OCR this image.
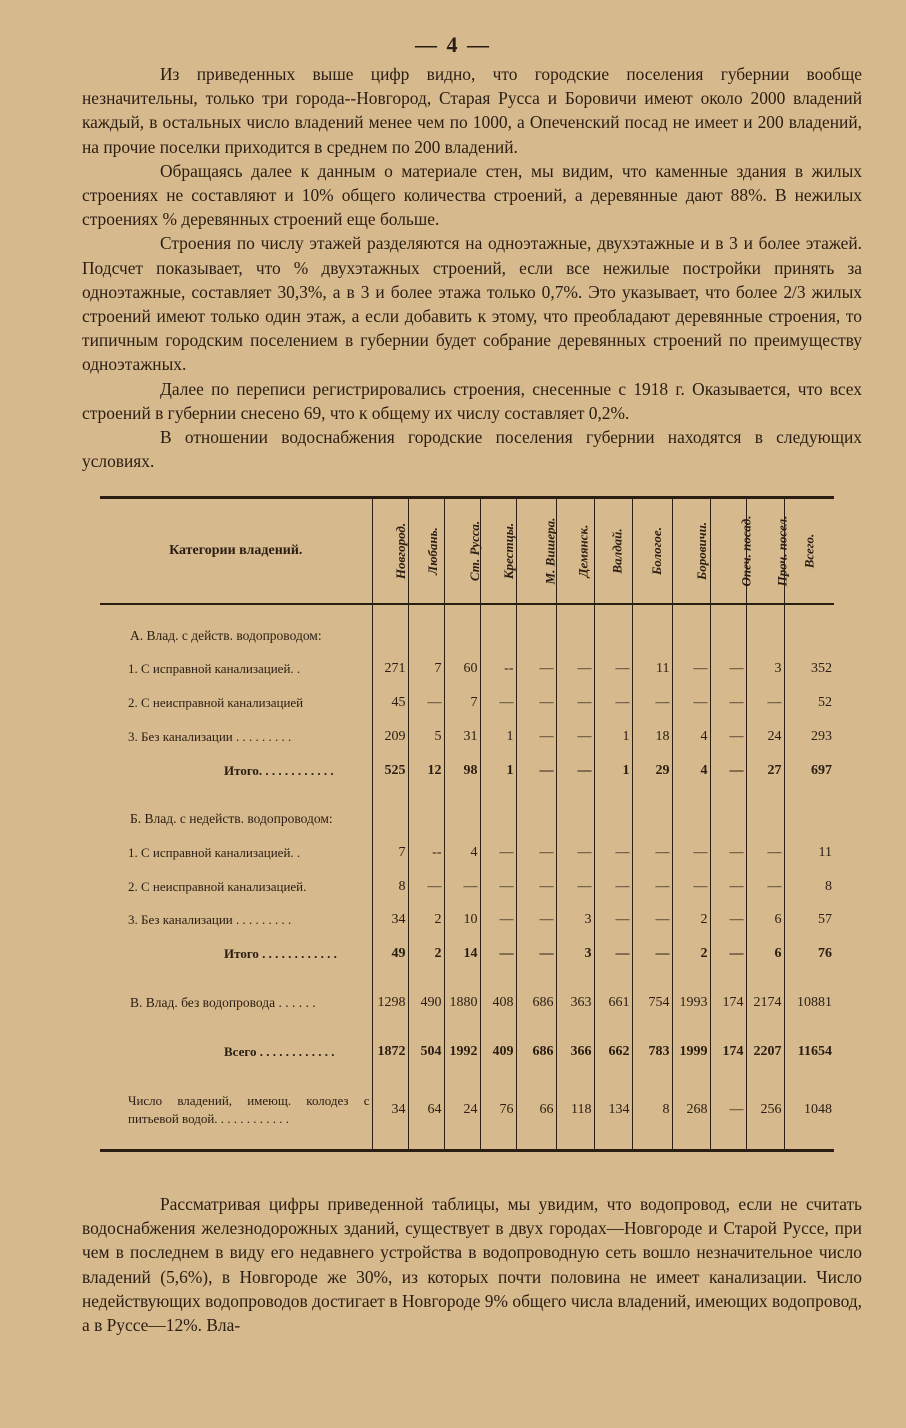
— 4 —

Из приведенных выше цифр видно, что городские поселения губернии вообще незначительны, только три города--Новгород, Старая Русса и Боровичи имеют около 2000 владений каждый, в остальных число владений менее чем по 1000, а Опеченский посад не имеет и 200 владений, на прочие поселки приходится в среднем по 200 владений.

Обращаясь далее к данным о материале стен, мы видим, что каменные здания в жилых строениях не составляют и 10% общего количества строений, а деревянные дают 88%. В нежилых строениях % деревянных строений еще больше.

Строения по числу этажей разделяются на одноэтажные, двухэтажные и в 3 и более этажей. Подсчет показывает, что % двухэтажных строений, если все нежилые постройки принять за одноэтажные, составляет 30,3%, а в 3 и более этажа только 0,7%. Это указывает, что более 2/3 жилых строений имеют только один этаж, а если добавить к этому, что преобладают деревянные строения, то типичным городским поселением в губернии будет собрание деревянных строений по преимуществу одноэтажных.

Далее по переписи регистрировались строения, снесенные с 1918 г. Оказывается, что всех строений в губернии снесено 69, что к общему их числу составляет 0,2%.

В отношении водоснабжения городские поселения губернии находятся в следующих условиях.

Категории владений.	Новгород.	Любань.	Ст. Русса.	Крестцы.	М. Вишера.	Демянск.	Валдай.	Бологое.	Боровичи.	Опеч. посад.	Проч. посел.	Всего.

А. Влад. с действ. водопроводом:												
1. С исправной канализацией. .	271	7	60	--	—	—	—	11	—	—	3	352
2. С неисправной канализацией	45	—	7	—	—	—	—	—	—	—	—	52
3. Без канализации . . . . . . . . .	209	5	31	1	—	—	1	18	4	—	24	293
Итого. . . . . . . . . . . .	525	12	98	1	—	—	1	29	4	—	27	697

Б. Влад. с недейств. водопроводом:												
1. С исправной канализацией. .	7	--	4	—	—	—	—	—	—	—	—	11
2. С неисправной канализацией.	8	—	—	—	—	—	—	—	—	—	—	8
3. Без канализации . . . . . . . . .	34	2	10	—	—	3	—	—	2	—	6	57
Итого . . . . . . . . . . . .	49	2	14	—	—	3	—	—	2	—	6	76

В. Влад. без водопровода . . . . . .	1298	490	1880	408	686	363	661	754	1993	174	2174	10881

Всего . . . . . . . . . . . .	1872	504	1992	409	686	366	662	783	1999	174	2207	11654

Число владений, имеющ. колодез с питьевой водой. . . . . . . . . . . .	34	64	24	76	66	118	134	8	268	—	256	1048

Рассматривая цифры приведенной таблицы, мы увидим, что водопровод, если не считать водоснабжения железнодорожных зданий, существует в двух городах—Новгороде и Старой Руссе, при чем в последнем в виду его недавнего устройства в водопроводную сеть вошло незначительное число владений (5,6%), в Новгороде же 30%, из которых почти половина не имеет канализации. Число недействующих водопроводов достигает в Новгороде 9% общего числа владений, имеющих водопровод, а в Руссе—12%. Вла-
